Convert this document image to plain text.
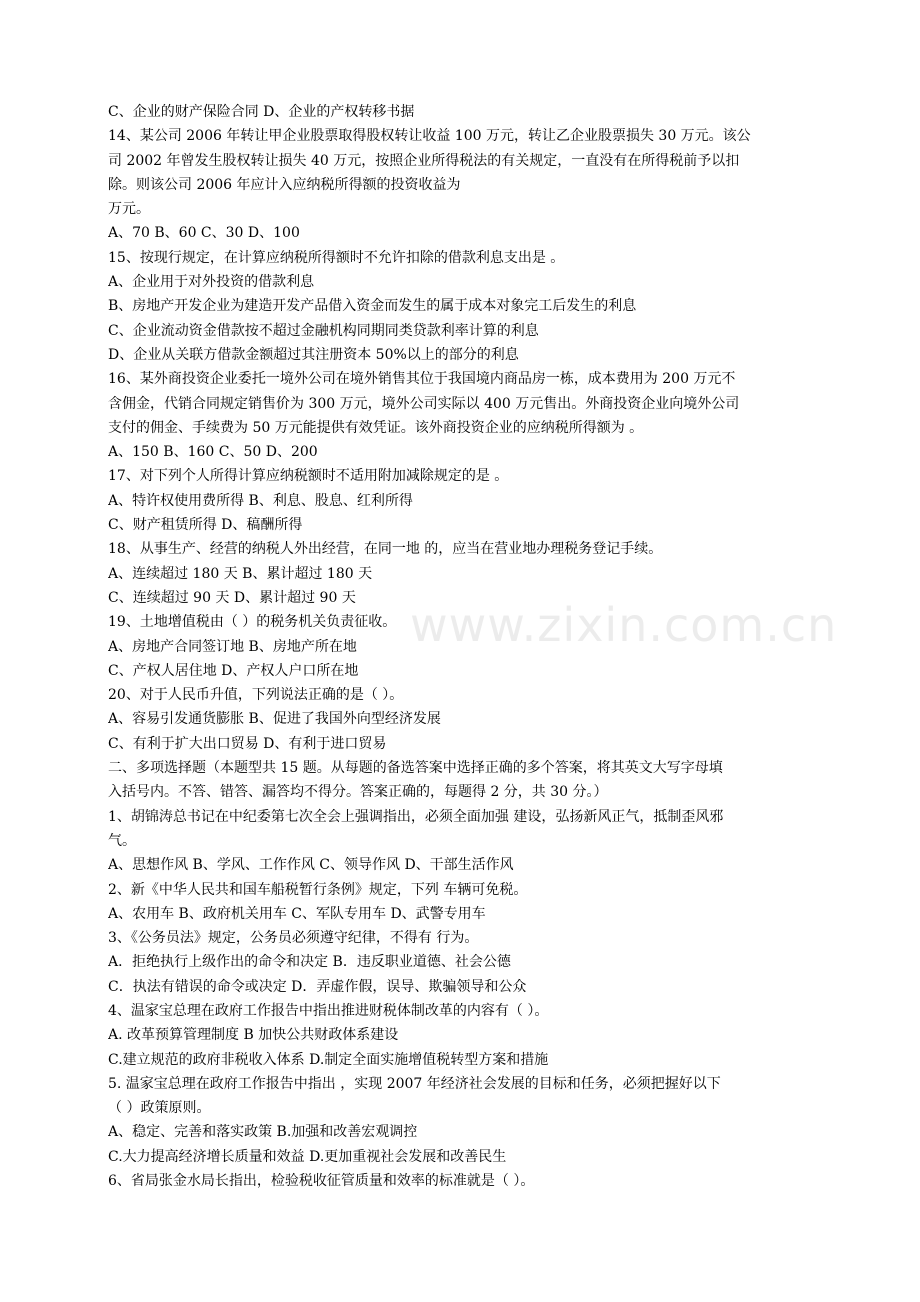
www.zixin.com.cn
C、企业的财产保险合同 D、企业的产权转移书据
14、某公司 2006 年转让甲企业股票取得股权转让收益 100 万元，转让乙企业股票损失 30 万元。该公
司 2002 年曾发生股权转让损失 40 万元，按照企业所得税法的有关规定，一直没有在所得税前予以扣
除。则该公司 2006 年应计入应纳税所得额的投资收益为
万元。
A、70 B、60 C、30 D、100
15、按现行规定，在计算应纳税所得额时不允许扣除的借款利息支出是 。
A、企业用于对外投资的借款利息
B、房地产开发企业为建造开发产品借入资金而发生的属于成本对象完工后发生的利息
C、企业流动资金借款按不超过金融机构同期同类贷款利率计算的利息
D、企业从关联方借款金额超过其注册资本 50%以上的部分的利息
16、某外商投资企业委托一境外公司在境外销售其位于我国境内商品房一栋，成本费用为 200 万元不
含佣金，代销合同规定销售价为 300 万元，境外公司实际以 400 万元售出。外商投资企业向境外公司
支付的佣金、手续费为 50 万元能提供有效凭证。该外商投资企业的应纳税所得额为 。
A、150 B、160 C、50 D、200
17、对下列个人所得计算应纳税额时不适用附加减除规定的是 。
A、特许权使用费所得 B、利息、股息、红利所得
C、财产租赁所得 D、稿酬所得
18、从事生产、经营的纳税人外出经营，在同一地 的，应当在营业地办理税务登记手续。
A、连续超过 180 天 B、累计超过 180 天
C、连续超过 90 天 D、累计超过 90 天
19、土地增值税由（ ）的税务机关负责征收。
A、房地产合同签订地 B、房地产所在地
C、产权人居住地 D、产权人户口所在地
20、对于人民币升值，下列说法正确的是（ ）。
A、容易引发通货膨胀 B、促进了我国外向型经济发展
C、有利于扩大出口贸易 D、有利于进口贸易
二、多项选择题（本题型共 15 题。从每题的备选答案中选择正确的多个答案，将其英文大写字母填
入括号内。不答、错答、漏答均不得分。答案正确的，每题得 2 分，共 30 分。）
1、胡锦涛总书记在中纪委第七次全会上强调指出，必须全面加强 建设，弘扬新风正气，抵制歪风邪
气。
A、思想作风 B、学风、工作作风 C、领导作风 D、干部生活作风
2、新《中华人民共和国车船税暂行条例》规定，下列 车辆可免税。
A、农用车 B、政府机关用车 C、军队专用车 D、武警专用车
3、《公务员法》规定，公务员必须遵守纪律，不得有 行为。
A．拒绝执行上级作出的命令和决定 B．违反职业道德、社会公德
C．执法有错误的命令或决定 D．弄虚作假，误导、欺骗领导和公众
4、温家宝总理在政府工作报告中指出推进财税体制改革的内容有（ ）。
A. 改革预算管理制度 B 加快公共财政体系建设
C.建立规范的政府非税收入体系 D.制定全面实施增值税转型方案和措施
5. 温家宝总理在政府工作报告中指出 ，实现 2007 年经济社会发展的目标和任务，必须把握好以下
（ ）政策原则。
A、稳定、完善和落实政策 B.加强和改善宏观调控
C.大力提高经济增长质量和效益 D.更加重视社会发展和改善民生
6、省局张金水局长指出，检验税收征管质量和效率的标准就是（ ）。
